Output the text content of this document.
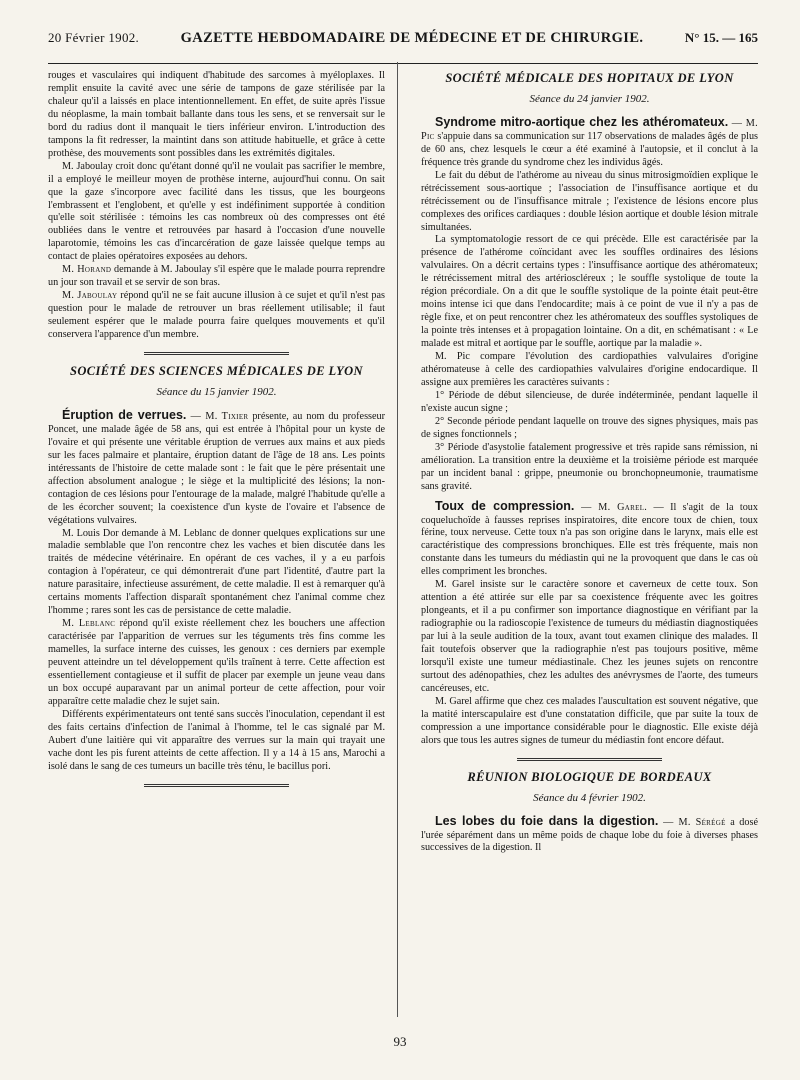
20 Février 1902.	GAZETTE HEBDOMADAIRE DE MÉDECINE ET DE CHIRURGIE.	N° 15. — 165

rouges et vasculaires qui indiquent d'habitude des sarcomes à myéloplaxes. Il remplit ensuite la cavité avec une série de tampons de gaze stérilisée par la chaleur qu'il a laissés en place intentionnellement. En effet, de suite après l'issue du néoplasme, la main tombait ballante dans tous les sens, et se renversait sur le bord du radius dont il manquait le tiers inférieur environ. L'introduction des tampons la fit redresser, la maintint dans son attitude habituelle, et grâce à cette prothèse, des mouvements sont possibles dans les extrémités digitales.

M. Jaboulay croit donc qu'étant donné qu'il ne voulait pas sacrifier le membre, il a employé le meilleur moyen de prothèse interne, aujourd'hui connu. On sait que la gaze s'incorpore avec facilité dans les tissus, que les bourgeons l'embrassent et l'englobent, et qu'elle y est indéfiniment supportée à condition qu'elle soit stérilisée : témoins les cas nombreux où des compresses ont été oubliées dans le ventre et retrouvées par hasard à l'occasion d'une nouvelle laparotomie, témoins les cas d'incarcération de gaze laissée quelque temps au contact de plaies opératoires exposées au dehors.

M. Horand demande à M. Jaboulay s'il espère que le malade pourra reprendre un jour son travail et se servir de son bras.

M. Jaboulay répond qu'il ne se fait aucune illusion à ce sujet et qu'il n'est pas question pour le malade de retrouver un bras réellement utilisable; il faut seulement espérer que le malade pourra faire quelques mouvements et qu'il conservera l'apparence d'un membre.

SOCIÉTÉ DES SCIENCES MÉDICALES DE LYON
Séance du 15 janvier 1902.

Éruption de verrues. — M. Tixier présente, au nom du professeur Poncet, une malade âgée de 58 ans, qui est entrée à l'hôpital pour un kyste de l'ovaire et qui présente une véritable éruption de verrues aux mains et aux pieds sur les faces palmaire et plantaire, éruption datant de l'âge de 18 ans. Les points intéressants de l'histoire de cette malade sont : le fait que le père présentait une affection absolument analogue ; le siège et la multiplicité des lésions; la non-contagion de ces lésions pour l'entourage de la malade, malgré l'habitude qu'elle a de les écorcher souvent; la coexistence d'un kyste de l'ovaire et l'absence de végétations vulvaires.

M. Louis Dor demande à M. Leblanc de donner quelques explications sur une maladie semblable que l'on rencontre chez les vaches et bien discutée dans les traités de médecine vétérinaire. En opérant de ces vaches, il y a eu parfois contagion à l'opérateur, ce qui démontrerait d'une part l'identité, d'autre part la nature parasitaire, infectieuse assurément, de cette maladie. Il est à remarquer qu'à certains moments l'affection disparaît spontanément chez l'animal comme chez l'homme ; rares sont les cas de persistance de cette maladie.

M. Leblanc répond qu'il existe réellement chez les bouchers une affection caractérisée par l'apparition de verrues sur les téguments très fins comme les mamelles, la surface interne des cuisses, les genoux : ces derniers par exemple peuvent atteindre un tel développement qu'ils traînent à terre. Cette affection est essentiellement contagieuse et il suffit de placer par exemple un jeune veau dans un box occupé auparavant par un animal porteur de cette affection, pour voir apparaître cette maladie chez le sujet sain.

Différents expérimentateurs ont tenté sans succès l'inoculation, cependant il est des faits certains d'infection de l'animal à l'homme, tel le cas signalé par M. Aubert d'une laitière qui vit apparaître des verrues sur la main qui trayait une vache dont les pis furent atteints de cette affection. Il y a 14 à 15 ans, Marochi a isolé dans le sang de ces tumeurs un bacille très ténu, le bacillus pori.

SOCIÉTÉ MÉDICALE DES HOPITAUX DE LYON
Séance du 24 janvier 1902.

Syndrome mitro-aortique chez les athéromateux. — M. Pic s'appuie dans sa communication sur 117 observations de malades âgés de plus de 60 ans, chez lesquels le cœur a été examiné à l'autopsie, et il conclut à la fréquence très grande du syndrome chez les individus âgés.

Le fait du début de l'athérome au niveau du sinus mitrosigmoïdien explique le rétrécissement sous-aortique ; l'association de l'insuffisance aortique et du rétrécissement ou de l'insuffisance mitrale ; l'existence de lésions encore plus complexes des orifices cardiaques : double lésion aortique et double lésion mitrale simultanées.

La symptomatologie ressort de ce qui précède. Elle est caractérisée par la présence de l'athérome coïncidant avec les souffles ordinaires des lésions valvulaires. On a décrit certains types : l'insuffisance aortique des athéromateux; le rétrécissement mitral des artérioscléreux ; le souffle systolique de toute la région précordiale. On a dit que le souffle systolique de la pointe était peut-être moins intense ici que dans l'endocardite; mais à ce point de vue il n'y a pas de règle fixe, et on peut rencontrer chez les athéromateux des souffles systoliques de la pointe très intenses et à propagation lointaine. On a dit, en schématisant : « Le malade est mitral et aortique par le souffle, aortique par la maladie ».

M. Pic compare l'évolution des cardiopathies valvulaires d'origine athéromateuse à celle des cardiopathies valvulaires d'origine endocardique. Il assigne aux premières les caractères suivants :

1° Période de début silencieuse, de durée indéterminée, pendant laquelle il n'existe aucun signe ;

2° Seconde période pendant laquelle on trouve des signes physiques, mais pas de signes fonctionnels ;

3° Période d'asystolie fatalement progressive et très rapide sans rémission, ni amélioration. La transition entre la deuxième et la troisième période est marquée par un incident banal : grippe, pneumonie ou bronchopneumonie, traumatisme sans gravité.

Toux de compression. — M. Garel. — Il s'agit de la toux coqueluchoïde à fausses reprises inspiratoires, dite encore toux de chien, toux férine, toux nerveuse. Cette toux n'a pas son origine dans le larynx, mais elle est caractéristique des compressions bronchiques. Elle est très fréquente, mais non constante dans les tumeurs du médiastin qui ne la provoquent que dans le cas où elles compriment les bronches.

M. Garel insiste sur le caractère sonore et caverneux de cette toux. Son attention a été attirée sur elle par sa coexistence fréquente avec les goitres plongeants, et il a pu confirmer son importance diagnostique en vérifiant par la radiographie ou la radioscopie l'existence de tumeurs du médiastin diagnostiquées par lui à la seule audition de la toux, avant tout examen clinique des malades. Il fait toutefois observer que la radiographie n'est pas toujours positive, même lorsqu'il existe une tumeur médiastinale. Chez les jeunes sujets on rencontre surtout des adénopathies, chez les adultes des anévrysmes de l'aorte, des tumeurs cancéreuses, etc.

M. Garel affirme que chez ces malades l'auscultation est souvent négative, que la matité interscapulaire est d'une constatation difficile, que par suite la toux de compression a une importance considérable pour le diagnostic. Elle existe déjà alors que tous les autres signes de tumeur du médiastin font encore défaut.

RÉUNION BIOLOGIQUE DE BORDEAUX
Séance du 4 février 1902.

Les lobes du foie dans la digestion. — M. Sérégé a dosé l'urée séparément dans un même poids de chaque lobe du foie à diverses phases successives de la digestion. Il

93
